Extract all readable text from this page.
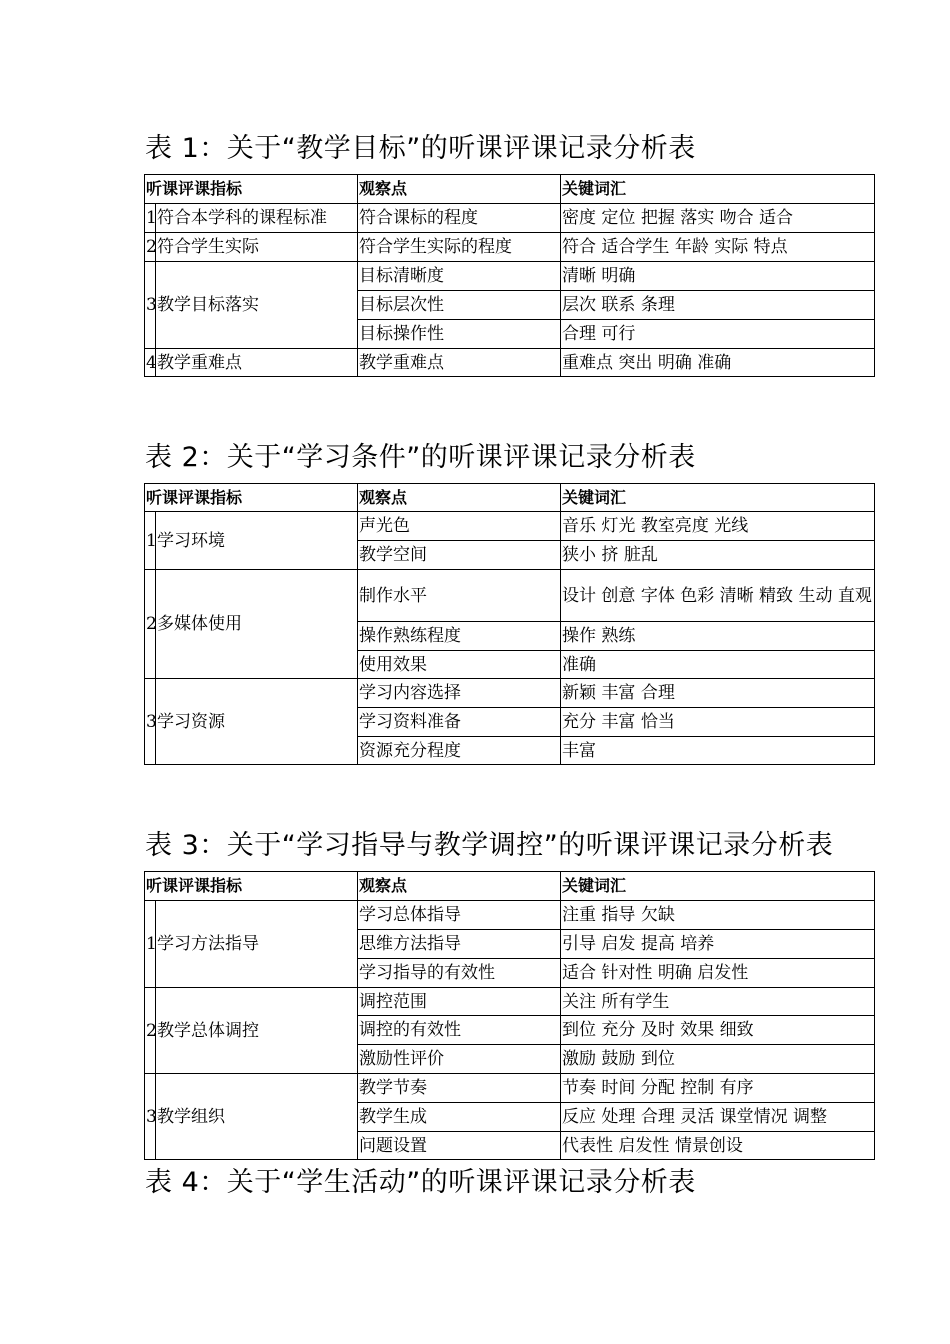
表 1：关于“教学目标”的听课评课记录分析表
听课评课指标		观察点	关键词汇
1	符合本学科的课程标准	符合课标的程度	密度 定位 把握 落实 吻合 适合
2	符合学生实际	符合学生实际的程度	符合 适合学生 年龄 实际 特点
3	教学目标落实	目标清晰度	清晰 明确
		目标层次性	层次 联系 条理
		目标操作性	合理 可行
4	教学重难点	教学重难点	重难点 突出 明确 准确
表 2：关于“学习条件”的听课评课记录分析表
听课评课指标		观察点	关键词汇
1	学习环境	声光色	音乐 灯光 教室亮度 光线
		教学空间	狭小 挤 脏乱
2	多媒体使用	制作水平	设计 创意 字体 色彩 清晰 精致 生动 直观
		操作熟练程度	操作 熟练
		使用效果	准确
3	学习资源	学习内容选择	新颖 丰富 合理
		学习资料准备	充分 丰富 恰当
		资源充分程度	丰富
表 3：关于“学习指导与教学调控”的听课评课记录分析表
听课评课指标		观察点	关键词汇
1	学习方法指导	学习总体指导	注重 指导 欠缺
		思维方法指导	引导 启发 提高 培养
		学习指导的有效性	适合 针对性 明确 启发性
2	教学总体调控	调控范围	关注 所有学生
		调控的有效性	到位 充分 及时 效果 细致
		激励性评价	激励 鼓励 到位
3	教学组织	教学节奏	节奏 时间 分配 控制 有序
		教学生成	反应 处理 合理 灵活 课堂情况 调整
		问题设置	代表性 启发性 情景创设
表 4：关于“学生活动”的听课评课记录分析表
